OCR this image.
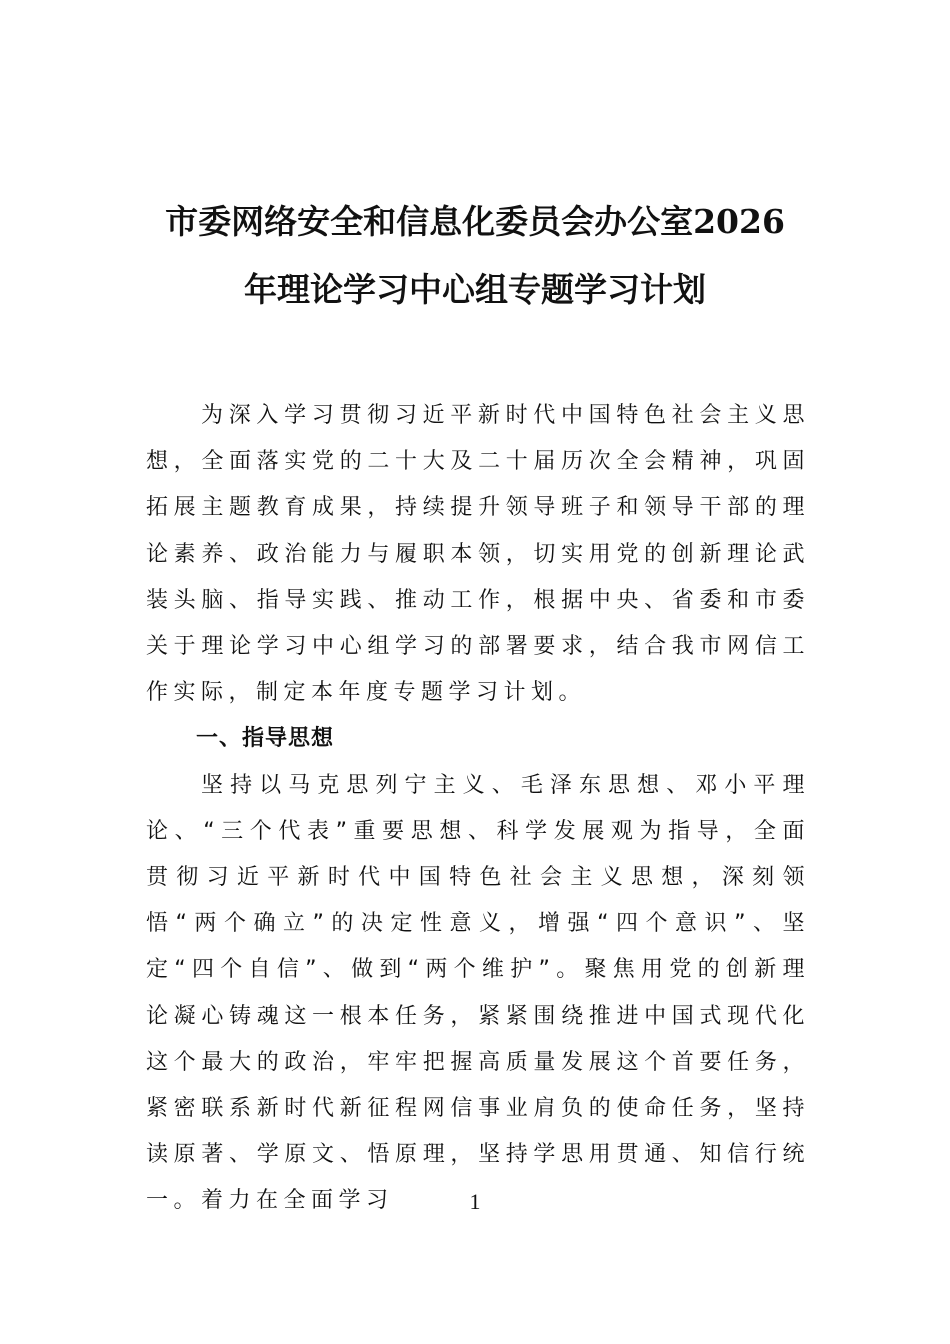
市委网络安全和信息化委员会办公室2026
年理论学习中心组专题学习计划

为深入学习贯彻习近平新时代中国特色社会主义思想，全面落实党的二十大及二十届历次全会精神，巩固拓展主题教育成果，持续提升领导班子和领导干部的理论素养、政治能力与履职本领，切实用党的创新理论武装头脑、指导实践、推动工作，根据中央、省委和市委关于理论学习中心组学习的部署要求，结合我市网信工作实际，制定本年度专题学习计划。

一、指导思想

坚持以马克思列宁主义、毛泽东思想、邓小平理论、“三个代表”重要思想、科学发展观为指导，全面贯彻习近平新时代中国特色社会主义思想，深刻领悟“两个确立”的决定性意义，增强“四个意识”、坚定“四个自信”、做到“两个维护”。聚焦用党的创新理论凝心铸魂这一根本任务，紧紧围绕推进中国式现代化这个最大的政治，牢牢把握高质量发展这个首要任务，紧密联系新时代新征程网信事业肩负的使命任务，坚持读原著、学原文、悟原理，坚持学思用贯通、知信行统一。着力在全面学习	1
